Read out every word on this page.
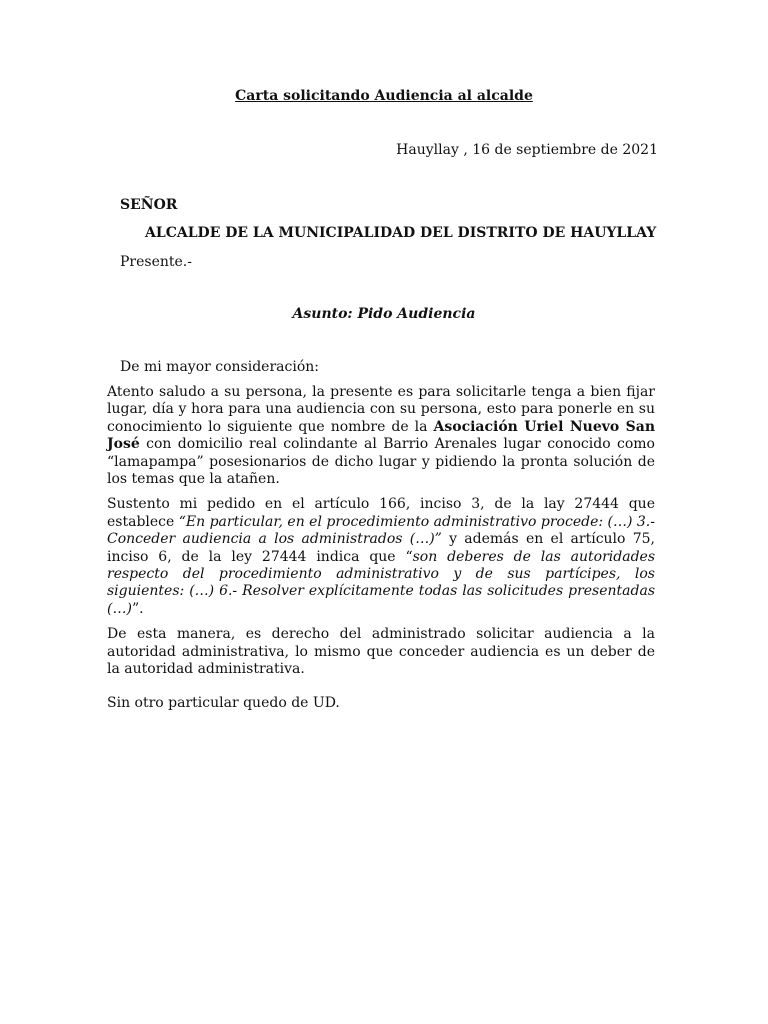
Carta solicitando Audiencia al alcalde
Hauyllay , 16 de septiembre de 2021
SEÑOR
ALCALDE DE LA MUNICIPALIDAD DEL DISTRITO DE HAUYLLAY
Presente.-
Asunto: Pido Audiencia
De mi mayor consideración:

Atento saludo a su persona, la presente es para solicitarle tenga a bien fijar lugar, día y hora para una audiencia con su persona, esto para ponerle en su conocimiento lo siguiente que nombre de la Asociación Uriel Nuevo San José con domicilio real colindante al Barrio Arenales lugar conocido como “lamapampa” posesionarios de dicho lugar y pidiendo la pronta solución de los temas que la atañen.

Sustento mi pedido en el artículo 166, inciso 3, de la lay 27444 que establece “En particular, en el procedimiento administrativo procede: (…) 3.- Conceder audiencia a los administrados (…)” y además en el artículo 75, inciso 6, de la ley 27444 indica que “son deberes de las autoridades respecto del procedimiento administrativo y de sus partícipes, los siguientes: (…) 6.- Resolver explícitamente todas las solicitudes presentadas (…)”.

De esta manera, es derecho del administrado solicitar audiencia a la autoridad administrativa, lo mismo que conceder audiencia es un deber de la autoridad administrativa.

Sin otro particular quedo de UD.
